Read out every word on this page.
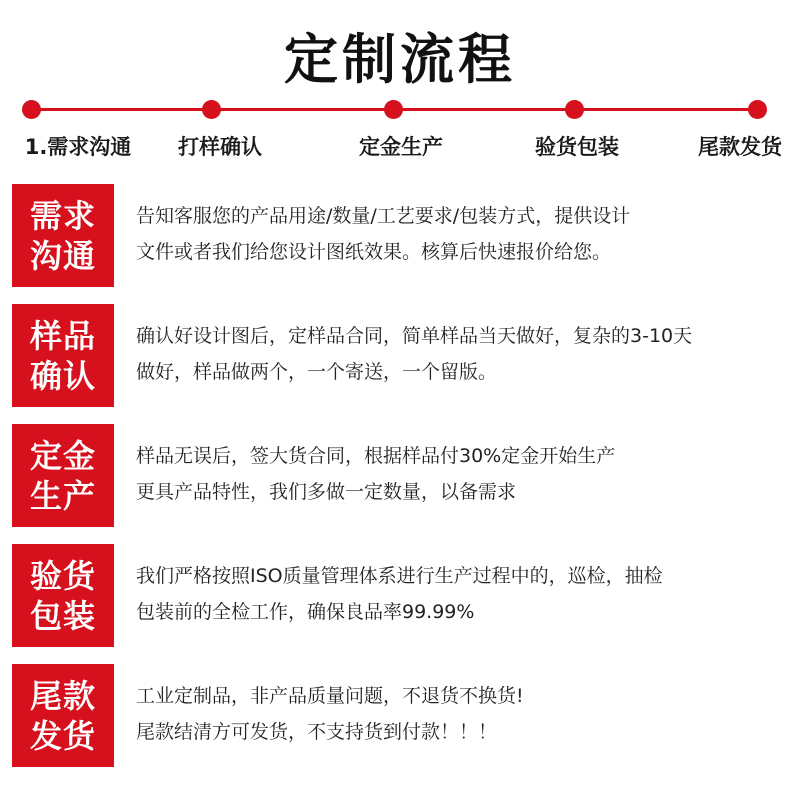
定制流程
1.需求沟通 打样确认	定金生产	验货包装	尾款发货
需求
沟通
告知客服您的产品用途/数量/工艺要求/包装方式，提供设计
文件或者我们给您设计图纸效果。核算后快速报价给您。
样品
确认
确认好设计图后，定样品合同，简单样品当天做好，复杂的3-10天
做好，样品做两个，一个寄送，一个留版。
定金
生产
样品无误后，签大货合同，根据样品付30%定金开始生产
更具产品特性，我们多做一定数量，以备需求
验货
包装
我们严格按照ISO质量管理体系进行生产过程中的，巡检，抽检
包装前的全检工作，确保良品率99.99%
尾款
发货
工业定制品，非产品质量问题，不退货不换货!
尾款结清方可发货，不支持货到付款！！！
